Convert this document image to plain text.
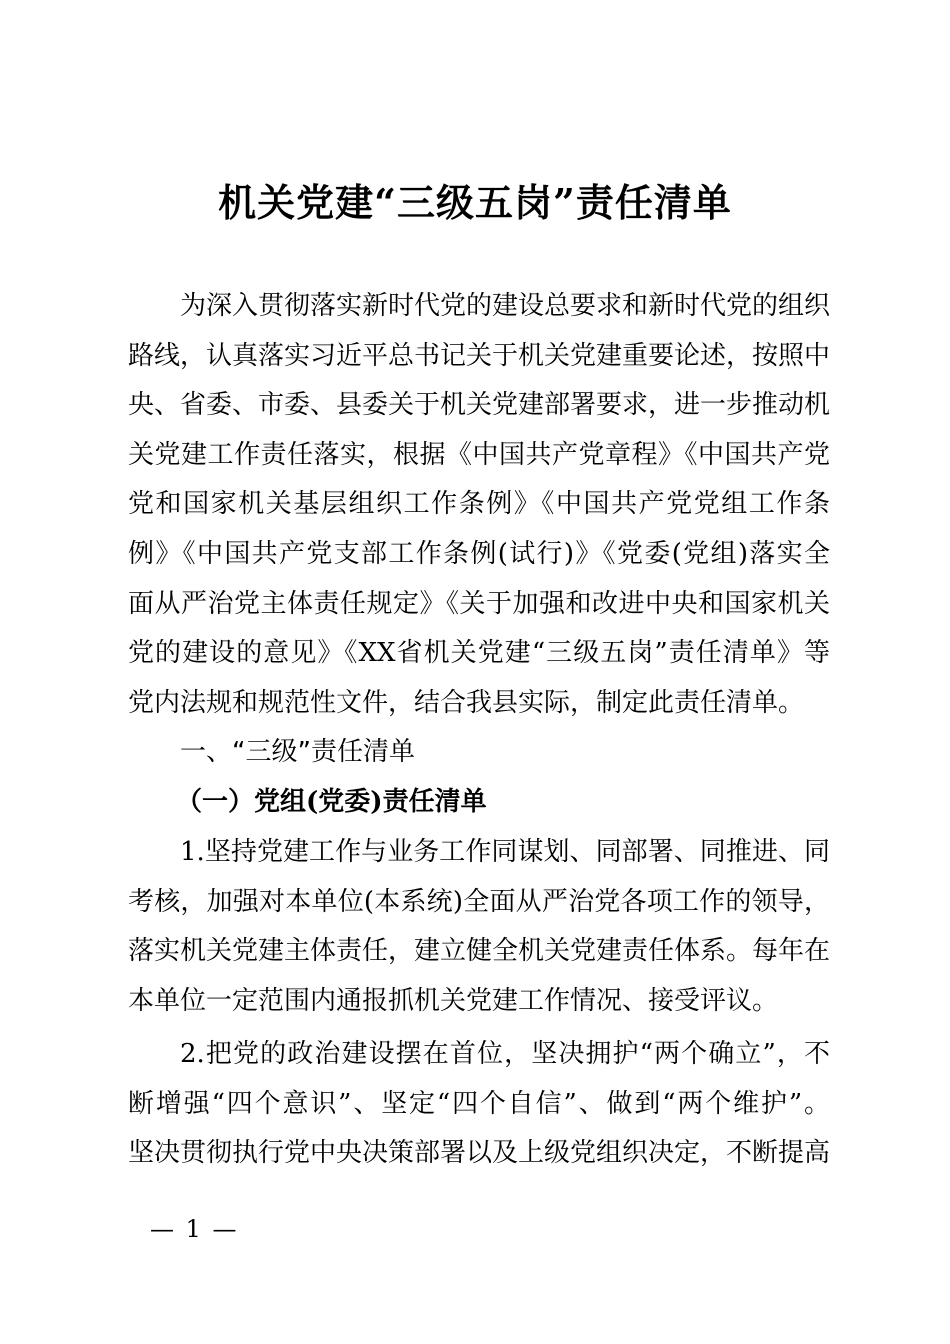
机关党建“三级五岗”责任清单
为深入贯彻落实新时代党的建设总要求和新时代党的组织
路线，认真落实习近平总书记关于机关党建重要论述，按照中
央、省委、市委、县委关于机关党建部署要求，进一步推动机
关党建工作责任落实，根据《中国共产党章程》《中国共产党
党和国家机关基层组织工作条例》《中国共产党党组工作条
例》《中国共产党支部工作条例(试行)》《党委(党组)落实全
面从严治党主体责任规定》《关于加强和改进中央和国家机关
党的建设的意见》《XX省机关党建“三级五岗”责任清单》等
党内法规和规范性文件，结合我县实际，制定此责任清单。
一、“三级”责任清单
（一）党组(党委)责任清单
1.坚持党建工作与业务工作同谋划、同部署、同推进、同
考核，加强对本单位(本系统)全面从严治党各项工作的领导，
落实机关党建主体责任，建立健全机关党建责任体系。每年在
本单位一定范围内通报抓机关党建工作情况、接受评议。
2.把党的政治建设摆在首位，坚决拥护“两个确立”，不
断增强“四个意识”、坚定“四个自信”、做到“两个维护”。
坚决贯彻执行党中央决策部署以及上级党组织决定，不断提高
— 1 —
